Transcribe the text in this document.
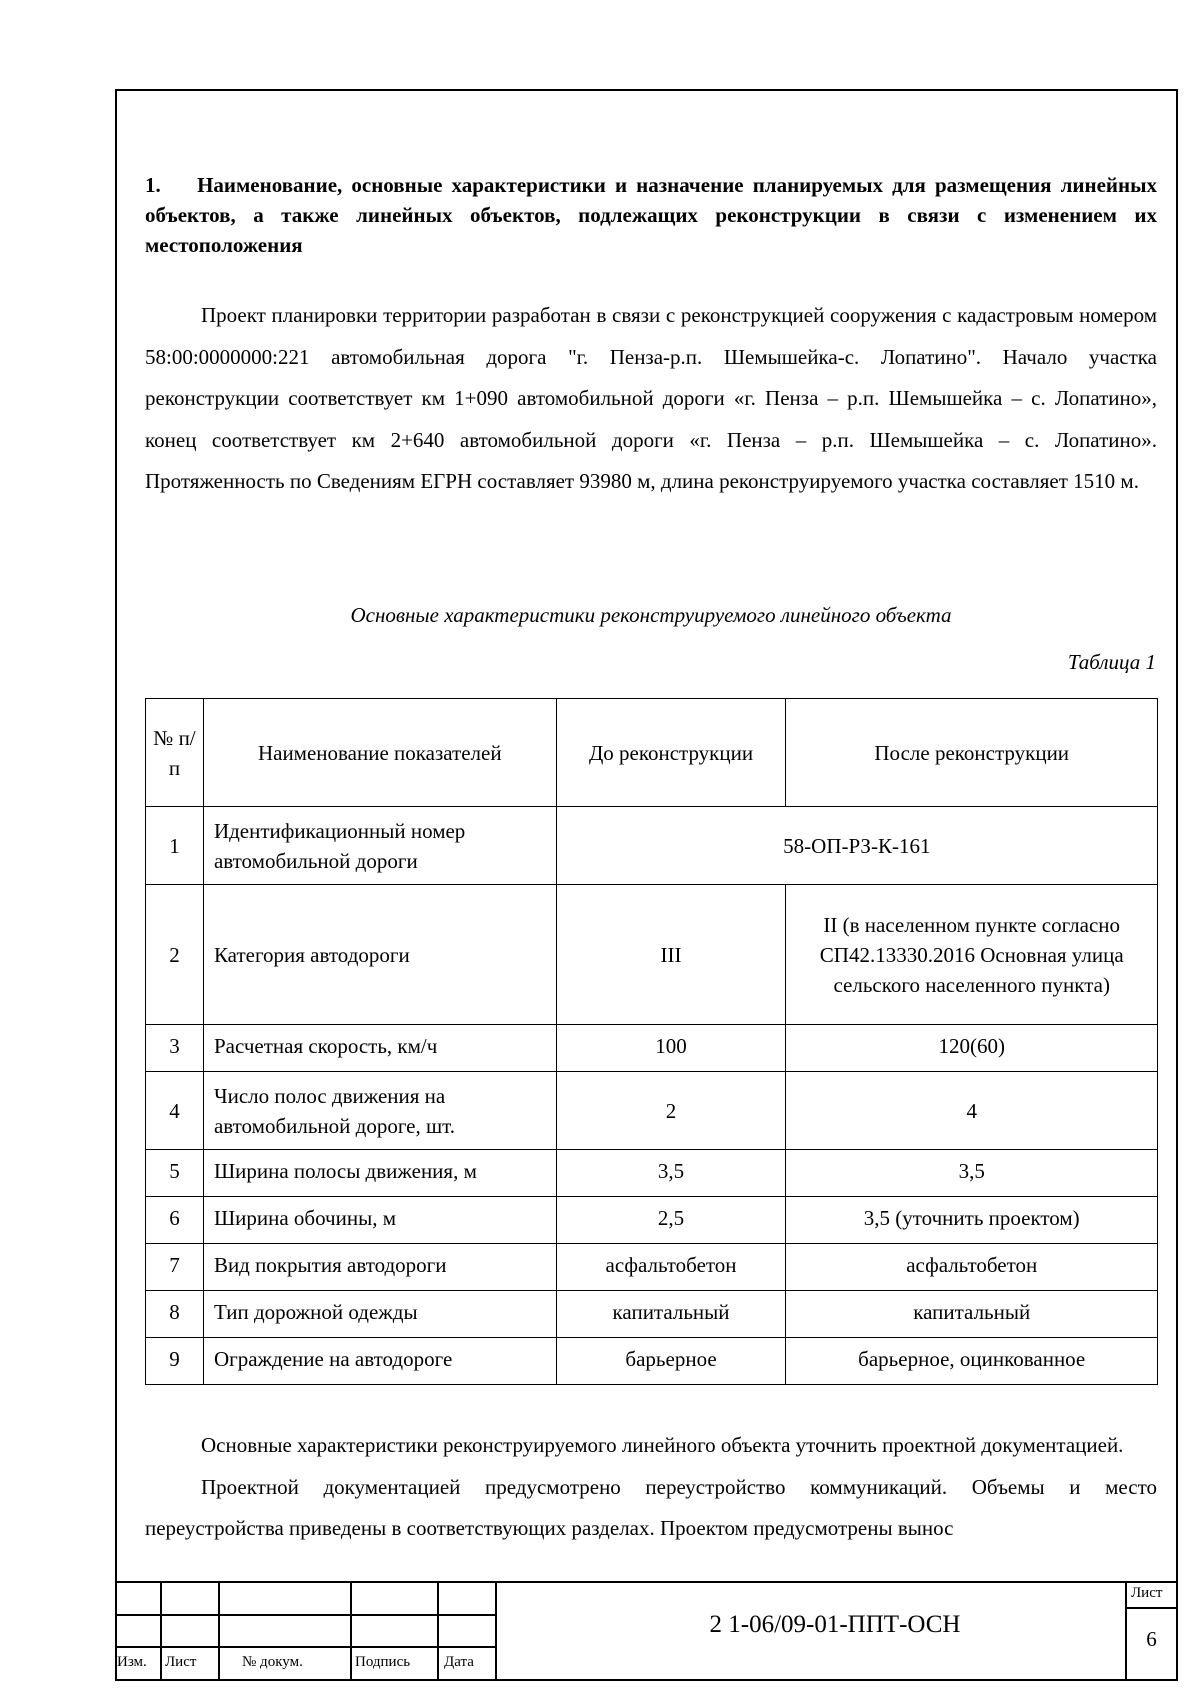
1.    Наименование, основные характеристики и назначение планируемых для размещения линейных объектов, а также линейных объектов, подлежащих реконструкции в связи с изменением их местоположения

Проект планировки территории разработан в связи с реконструкцией сооружения с кадастровым номером 58:00:0000000:221 автомобильная дорога "г. Пенза-р.п. Шемышейка-с. Лопатино". Начало участка реконструкции соответствует км 1+090 автомобильной дороги «г. Пенза – р.п. Шемышейка – с. Лопатино», конец соответствует км 2+640 автомобильной дороги «г. Пенза – р.п. Шемышейка – с. Лопатино». Протяженность по Сведениям ЕГРН составляет 93980 м, длина реконструируемого участка составляет 1510 м.

Основные характеристики реконструируемого линейного объекта
Таблица 1
№ п/п	Наименование показателей	До реконструкции	После реконструкции
1	Идентификационный номер автомобильной дороги	58-ОП-РЗ-К-161	
2	Категория автодороги	III	II (в населенном пункте согласно СП42.13330.2016 Основная улица сельского населенного пункта)
3	Расчетная скорость, км/ч	100	120(60)
4	Число полос движения на автомобильной дороге, шт.	2	4
5	Ширина полосы движения, м	3,5	3,5
6	Ширина обочины, м	2,5	3,5 (уточнить проектом)
7	Вид покрытия автодороги	асфальтобетон	асфальтобетон
8	Тип дорожной одежды	капитальный	капитальный
9	Ограждение на автодороге	барьерное	барьерное, оцинкованное

Основные характеристики реконструируемого линейного объекта уточнить проектной документацией.

Проектной документацией предусмотрено переустройство коммуникаций. Объемы и место переустройства приведены в соответствующих разделах. Проектом предусмотрены вынос

Изм. Лист	№ докум.	Подпись Дата
2 1-06/09-01-ППТ-ОСН
Лист
6
